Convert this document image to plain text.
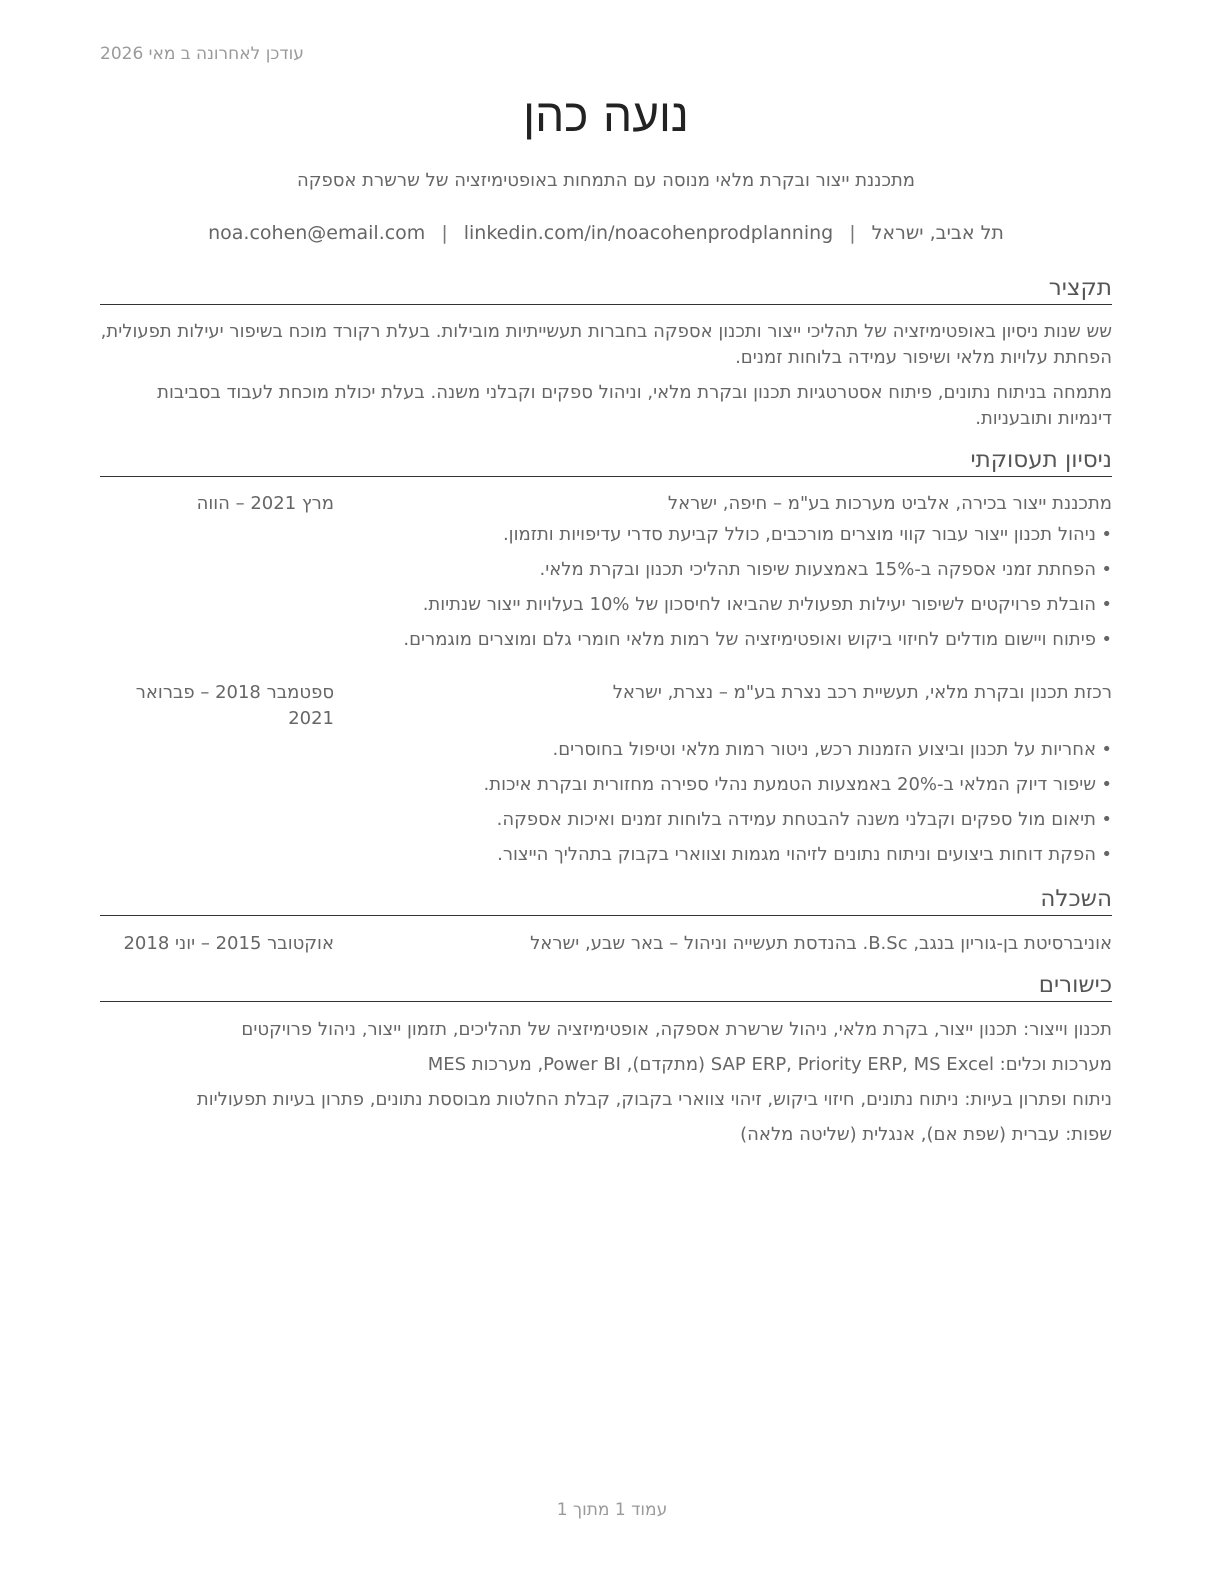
עודכן לאחרונה ב מאי 2026
נועה כהן
מתכננת ייצור ובקרת מלאי מנוסה עם התמחות באופטימיזציה של שרשרת אספקה
תל אביב, ישראל|noa.cohen@email.com | linkedin.com/in/noacohenprodplanning
תקציר
שש שנות ניסיון באופטימיזציה של תהליכי ייצור ותכנון אספקה בחברות תעשייתיות מובילות. בעלת רקורד מוכח בשיפור יעילות תפעולית, הפחתת עלויות מלאי ושיפור עמידה בלוחות זמנים.
מתמחה בניתוח נתונים, פיתוח אסטרטגיות תכנון ובקרת מלאי, וניהול ספקים וקבלני משנה. בעלת יכולת מוכחת לעבוד בסביבות דינמיות ותובעניות.
ניסיון תעסוקתי
מתכננת ייצור בכירה, אלביט מערכות בע"מ – חיפה, ישראל
מרץ 2021 – הווה
•
ניהול תכנון ייצור עבור קווי מוצרים מורכבים, כולל קביעת סדרי עדיפויות ותזמון.
•
הפחתת זמני אספקה ב-15% באמצעות שיפור תהליכי תכנון ובקרת מלאי.
•
הובלת פרויקטים לשיפור יעילות תפעולית שהביאו לחיסכון של 10% בעלויות ייצור שנתיות.
•
פיתוח ויישום מודלים לחיזוי ביקוש ואופטימיזציה של רמות מלאי חומרי גלם ומוצרים מוגמרים.
רכזת תכנון ובקרת מלאי, תעשיית רכב נצרת בע"מ – נצרת, ישראל
ספטמבר 2018 – פברואר 2021
•
אחריות על תכנון וביצוע הזמנות רכש, ניטור רמות מלאי וטיפול בחוסרים.
•
שיפור דיוק המלאי ב-20% באמצעות הטמעת נהלי ספירה מחזורית ובקרת איכות.
•
תיאום מול ספקים וקבלני משנה להבטחת עמידה בלוחות זמנים ואיכות אספקה.
•
הפקת דוחות ביצועים וניתוח נתונים לזיהוי מגמות וצווארי בקבוק בתהליך הייצור.
השכלה
אוניברסיטת בן-גוריון בנגב, B.Sc. בהנדסת תעשייה וניהול – באר שבע, ישראל
אוקטובר 2015 – יוני 2018
כישורים
תכנון וייצור: תכנון ייצור, בקרת מלאי, ניהול שרשרת אספקה, אופטימיזציה של תהליכים, תזמון ייצור, ניהול פרויקטים
מערכות וכלים: SAP ERP, Priority ERP, MS Excel (מתקדם), Power BI, מערכות MES
ניתוח ופתרון בעיות: ניתוח נתונים, חיזוי ביקוש, זיהוי צווארי בקבוק, קבלת החלטות מבוססת נתונים, פתרון בעיות תפעוליות
שפות: עברית (שפת אם), אנגלית (שליטה מלאה)
עמוד 1 מתוך 1
